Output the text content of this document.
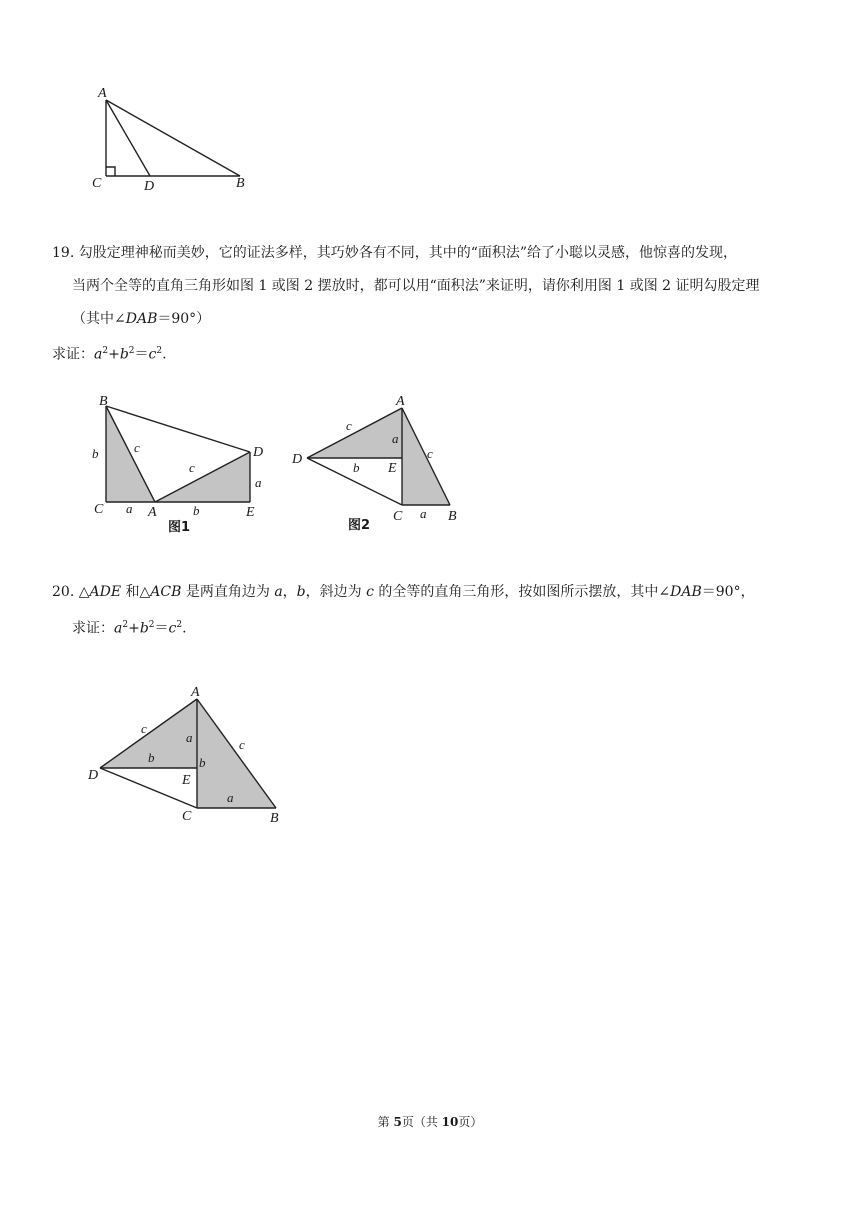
A
C	D	B
19. 勾股定理神秘而美妙，它的证法多样，其巧妙各有不同，其中的“面积法”给了小聪以灵感，他惊喜的发现，
当两个全等的直角三角形如图 1 或图 2 摆放时，都可以用“面积法”来证明，请你利用图 1 或图 2 证明勾股定理
（其中∠DAB＝90°）
求证：$a^2+b^2=c^2$.
B
C	A
D
E
b	c
c
a	b
a
图1
A
D
E
C	B
c
a
b
c
a
图2
20. △ADE 和△ACB 是两直角边为 a，b，斜边为 c 的全等的直角三角形，按如图所示摆放，其中∠DAB＝90°，
求证：$a^2+b^2=c^2$.
A
D	E
C	B
c
a
b	b
c
a
第 5页（共 10页）
